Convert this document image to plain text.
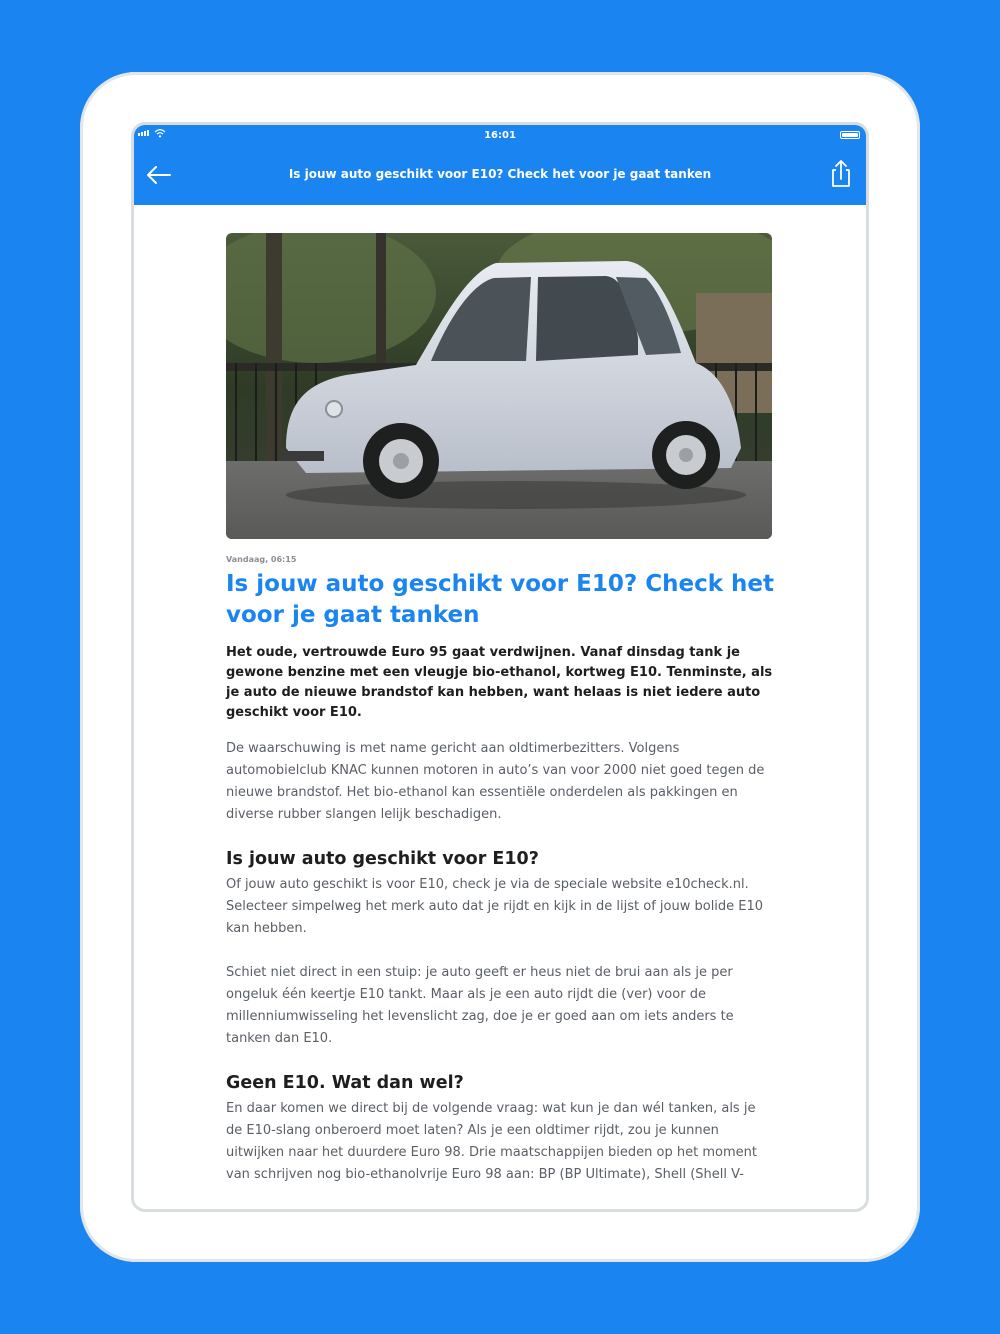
16:01
Is jouw auto geschikt voor E10? Check het voor je gaat tanken
Vandaag, 06:15
Is jouw auto geschikt voor E10? Check het voor je gaat tanken
Het oude, vertrouwde Euro 95 gaat verdwijnen. Vanaf dinsdag tank je gewone benzine met een vleugje bio-ethanol, kortweg E10. Tenminste, als je auto de nieuwe brandstof kan hebben, want helaas is niet iedere auto geschikt voor E10.
De waarschuwing is met name gericht aan oldtimerbezitters. Volgens automobielclub KNAC kunnen motoren in auto’s van voor 2000 niet goed tegen de nieuwe brandstof. Het bio-ethanol kan essentiële onderdelen als pakkingen en diverse rubber slangen lelijk beschadigen.
Is jouw auto geschikt voor E10?
Of jouw auto geschikt is voor E10, check je via de speciale website e10check.nl. Selecteer simpelweg het merk auto dat je rijdt en kijk in de lijst of jouw bolide E10 kan hebben.
Schiet niet direct in een stuip: je auto geeft er heus niet de brui aan als je per ongeluk één keertje E10 tankt. Maar als je een auto rijdt die (ver) voor de millenniumwisseling het levenslicht zag, doe je er goed aan om iets anders te tanken dan E10.
Geen E10. Wat dan wel?
En daar komen we direct bij de volgende vraag: wat kun je dan wél tanken, als je de E10-slang onberoerd moet laten? Als je een oldtimer rijdt, zou je kunnen uitwijken naar het duurdere Euro 98. Drie maatschappijen bieden op het moment van schrijven nog bio-ethanolvrije Euro 98 aan: BP (BP Ultimate), Shell (Shell V-
